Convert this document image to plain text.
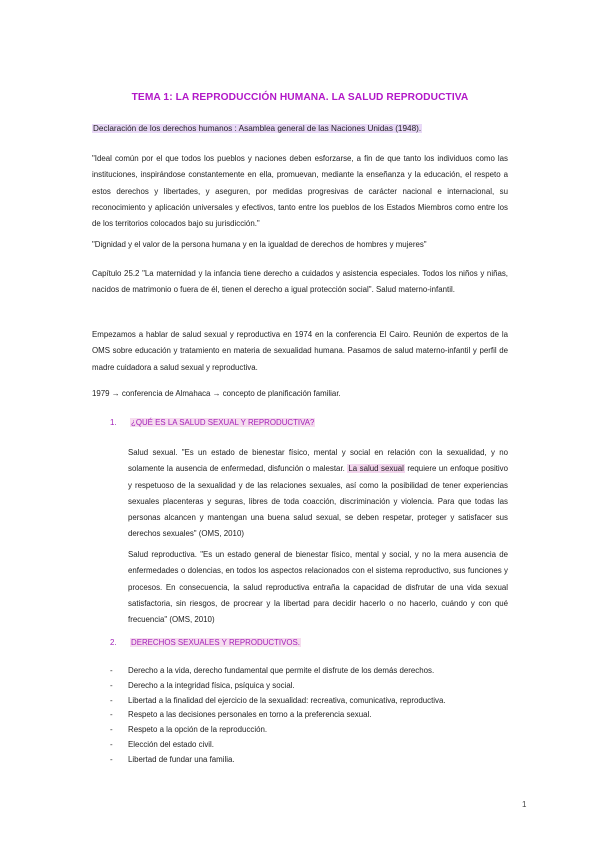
TEMA 1: LA REPRODUCCIÓN HUMANA. LA SALUD REPRODUCTIVA
Declaración de los derechos humanos : Asamblea general de las Naciones Unidas (1948).

"Ideal común por el que todos los pueblos y naciones deben esforzarse, a fin de que tanto los individuos como las instituciones, inspirándose constantemente en ella, promuevan, mediante la enseñanza y la educación, el respeto a estos derechos y libertades, y aseguren, por medidas progresivas de carácter nacional e internacional, su reconocimiento y aplicación universales y efectivos, tanto entre los pueblos de los Estados Miembros como entre los de los territorios colocados bajo su jurisdicción."

"Dignidad y el valor de la persona humana y en la igualdad de derechos de hombres y mujeres"

Capítulo 25.2 "La maternidad y la infancia tiene derecho a cuidados y asistencia especiales. Todos los niños y niñas, nacidos de matrimonio o fuera de él, tienen el derecho a igual protección social". Salud materno-infantil.

Empezamos a hablar de salud sexual y reproductiva en 1974 en la conferencia El Cairo. Reunión de expertos de la OMS sobre educación y tratamiento en materia de sexualidad humana. Pasamos de salud materno-infantil y perfil de madre cuidadora a salud sexual y reproductiva.

1979 → conferencia de Almahaca → concepto de planificación familiar.

1. ¿QUÉ ES LA SALUD SEXUAL Y REPRODUCTIVA?

Salud sexual. "Es un estado de bienestar físico, mental y social en relación con la sexualidad, y no solamente la ausencia de enfermedad, disfunción o malestar. La salud sexual requiere un enfoque positivo y respetuoso de la sexualidad y de las relaciones sexuales, así como la posibilidad de tener experiencias sexuales placenteras y seguras, libres de toda coacción, discriminación y violencia. Para que todas las personas alcancen y mantengan una buena salud sexual, se deben respetar, proteger y satisfacer sus derechos sexuales" (OMS, 2010)

Salud reproductiva. "Es un estado general de bienestar físico, mental y social, y no la mera ausencia de enfermedades o dolencias, en todos los aspectos relacionados con el sistema reproductivo, sus funciones y procesos. En consecuencia, la salud reproductiva entraña la capacidad de disfrutar de una vida sexual satisfactoria, sin riesgos, de procrear y la libertad para decidir hacerlo o no hacerlo, cuándo y con qué frecuencia" (OMS, 2010)

2. DERECHOS SEXUALES Y REPRODUCTIVOS.
- Derecho a la vida, derecho fundamental que permite el disfrute de los demás derechos.
- Derecho a la integridad física, psíquica y social.
- Libertad a la finalidad del ejercicio de la sexualidad: recreativa, comunicativa, reproductiva.
- Respeto a las decisiones personales en torno a la preferencia sexual.
- Respeto a la opción de la reproducción.
- Elección del estado civil.
- Libertad de fundar una familia.
1
